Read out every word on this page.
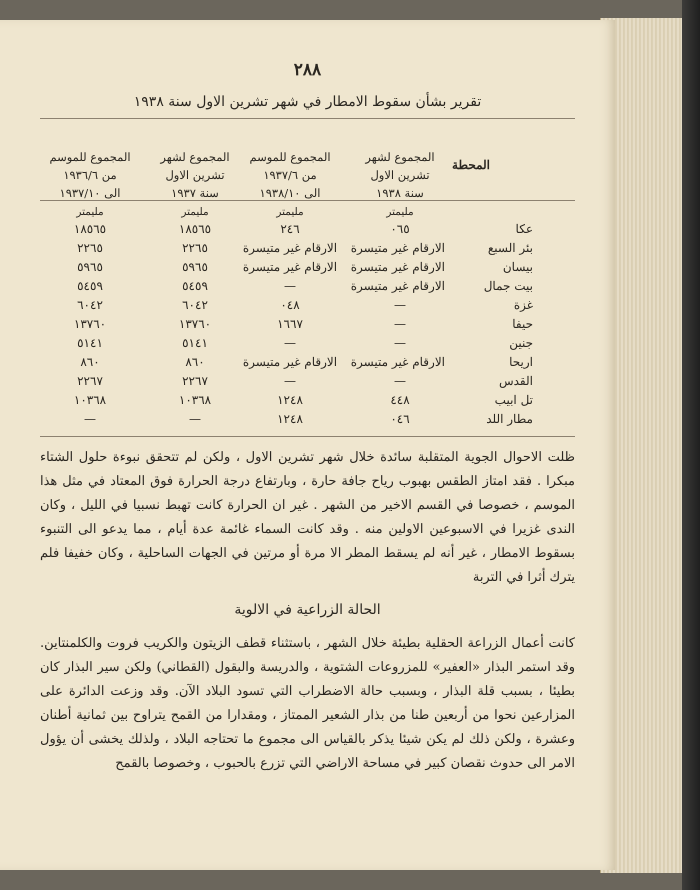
٢٨٨
تقرير بشأن سقوط الامطار في شهر تشرين الاول سنة ١٩٣٨
المحطة
المجموع لشهر
تشرين الاول
سنة ١٩٣٨
المجموع للموسم
من ١٩٣٧/٦
الى ١٩٣٨/١٠
المجموع لشهر
تشرين الاول
سنة ١٩٣٧
المجموع للموسم
من ١٩٣٦/٦
الى ١٩٣٧/١٠
مليمتر
مليمتر
مليمتر
مليمتر
عكا
٠٦٥
٢٤٦
١٨٥٦٥
١٨٥٦٥
بئر السبع
الارقام غير متيسرة
الارقام غير متيسرة
٢٢٦٥
٢٢٦٥
بيسان
الارقام غير متيسرة
الارقام غير متيسرة
٥٩٦٥
٥٩٦٥
بيت جمال
الارقام غير متيسرة
—
٥٤٥٩
٥٤٥٩
غزة
—
٠٤٨
٦٠٤٢
٦٠٤٢
حيفا
—
١٦٦٧
١٣٧٦٠
١٣٧٦٠
جنين
—
—
٥١٤١
٥١٤١
اريحا
الارقام غير متيسرة
الارقام غير متيسرة
٨٦٠
٨٦٠
القدس
—
—
٢٢٦٧
٢٢٦٧
تل ابيب
٤٤٨
١٢٤٨
١٠٣٦٨
١٠٣٦٨
مطار اللد
٠٤٦
١٢٤٨
—
—

ظلت الاحوال الجوية المتقلبة سائدة خلال شهر تشرين الاول ، ولكن لم تتحقق نبوءة حلول الشتاء مبكرا . فقد امتاز الطقس بهبوب رياح جافة حارة ، وبارتفاع درجة الحرارة فوق المعتاد في مثل هذا الموسم ، خصوصا في القسم الاخير من الشهر . غير ان الحرارة كانت تهبط نسبيا في الليل ، وكان الندى غزيرا في الاسبوعين الاولين منه . وقد كانت السماء غائمة عدة أيام ، مما يدعو الى التنبوء بسقوط الامطار ، غير أنه لم يسقط المطر الا مرة أو مرتين في الجهات الساحلية ، وكان خفيفا فلم يترك أثرا في التربة

الحالة الزراعية في الالوية

كانت أعمال الزراعة الحقلية بطيئة خلال الشهر ، باستثناء قطف الزيتون والكريب فروت والكلمنتاين. وقد استمر البذار «العفير» للمزروعات الشتوية ، والدريسة والبقول (القطاني) ولكن سير البذار كان بطيئا ، بسبب قلة البذار ، وبسبب حالة الاضطراب التي تسود البلاد الآن. وقد وزعت الدائرة على المزارعين نحوا من أربعين طنا من بذار الشعير الممتاز ، ومقدارا من القمح يتراوح بين ثمانية أطنان وعشرة ، ولكن ذلك لم يكن شيئا يذكر بالقياس الى مجموع ما تحتاجه البلاد ، ولذلك يخشى أن يؤول الامر الى حدوث نقصان كبير في مساحة الاراضي التي تزرع بالحبوب ، وخصوصا بالقمح
